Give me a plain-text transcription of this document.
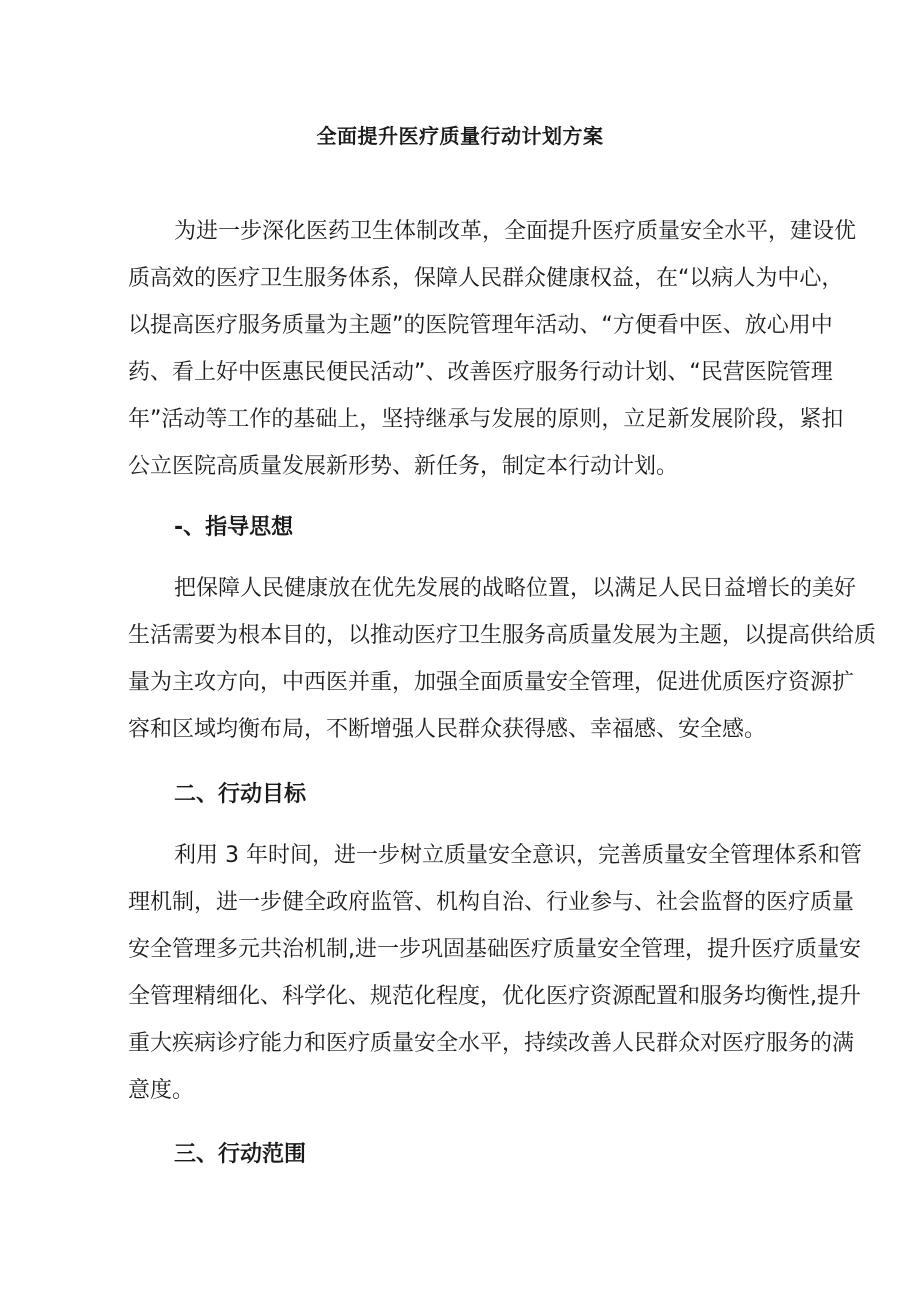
全面提升医疗质量行动计划方案
为进一步深化医药卫生体制改革，全面提升医疗质量安全水平，建设优
质高效的医疗卫生服务体系，保障人民群众健康权益，在“以病人为中心，
以提高医疗服务质量为主题”的医院管理年活动、“方便看中医、放心用中
药、看上好中医惠民便民活动”、改善医疗服务行动计划、“民营医院管理
年”活动等工作的基础上，坚持继承与发展的原则，立足新发展阶段，紧扣
公立医院高质量发展新形势、新任务，制定本行动计划。
-、指导思想
把保障人民健康放在优先发展的战略位置，以满足人民日益增长的美好
生活需要为根本目的，以推动医疗卫生服务高质量发展为主题，以提高供给质
量为主攻方向，中西医并重，加强全面质量安全管理，促进优质医疗资源扩
容和区域均衡布局，不断增强人民群众获得感、幸福感、安全感。
二、行动目标
利用 3 年时间，进一步树立质量安全意识，完善质量安全管理体系和管
理机制，进一步健全政府监管、机构自治、行业参与、社会监督的医疗质量
安全管理多元共治机制,进一步巩固基础医疗质量安全管理，提升医疗质量安
全管理精细化、科学化、规范化程度，优化医疗资源配置和服务均衡性,提升
重大疾病诊疗能力和医疗质量安全水平，持续改善人民群众对医疗服务的满
意度。
三、行动范围
